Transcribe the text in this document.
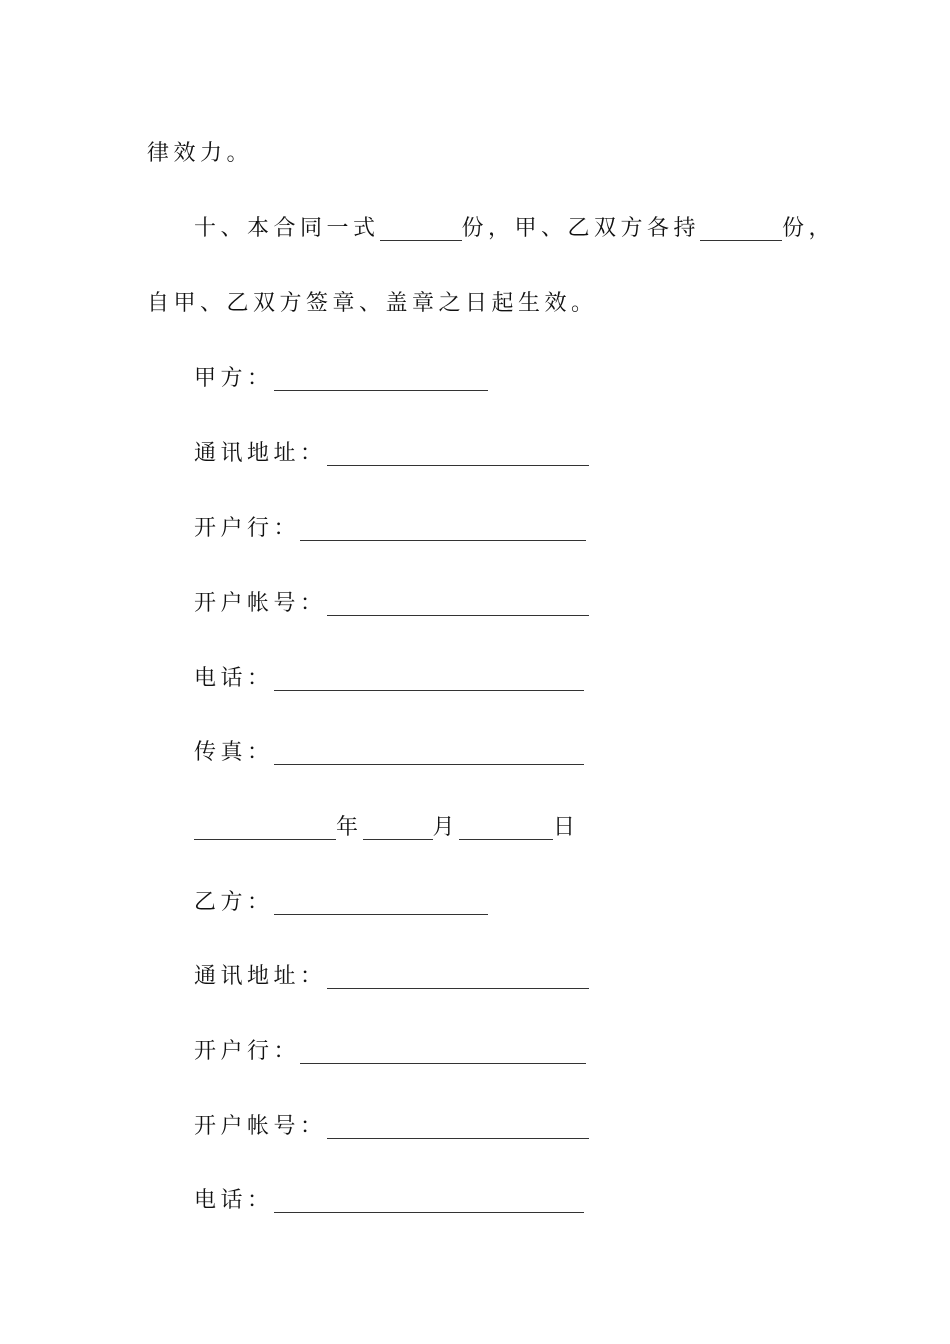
律效力。
十、本合同一式	份，甲、乙双方各持	份，
自甲、乙双方签章、盖章之日起生效。
甲方：
通讯地址：
开户行：
开户帐号：
电话：
传真：
年	月	日
乙方：
通讯地址：
开户行：
开户帐号：
电话：
